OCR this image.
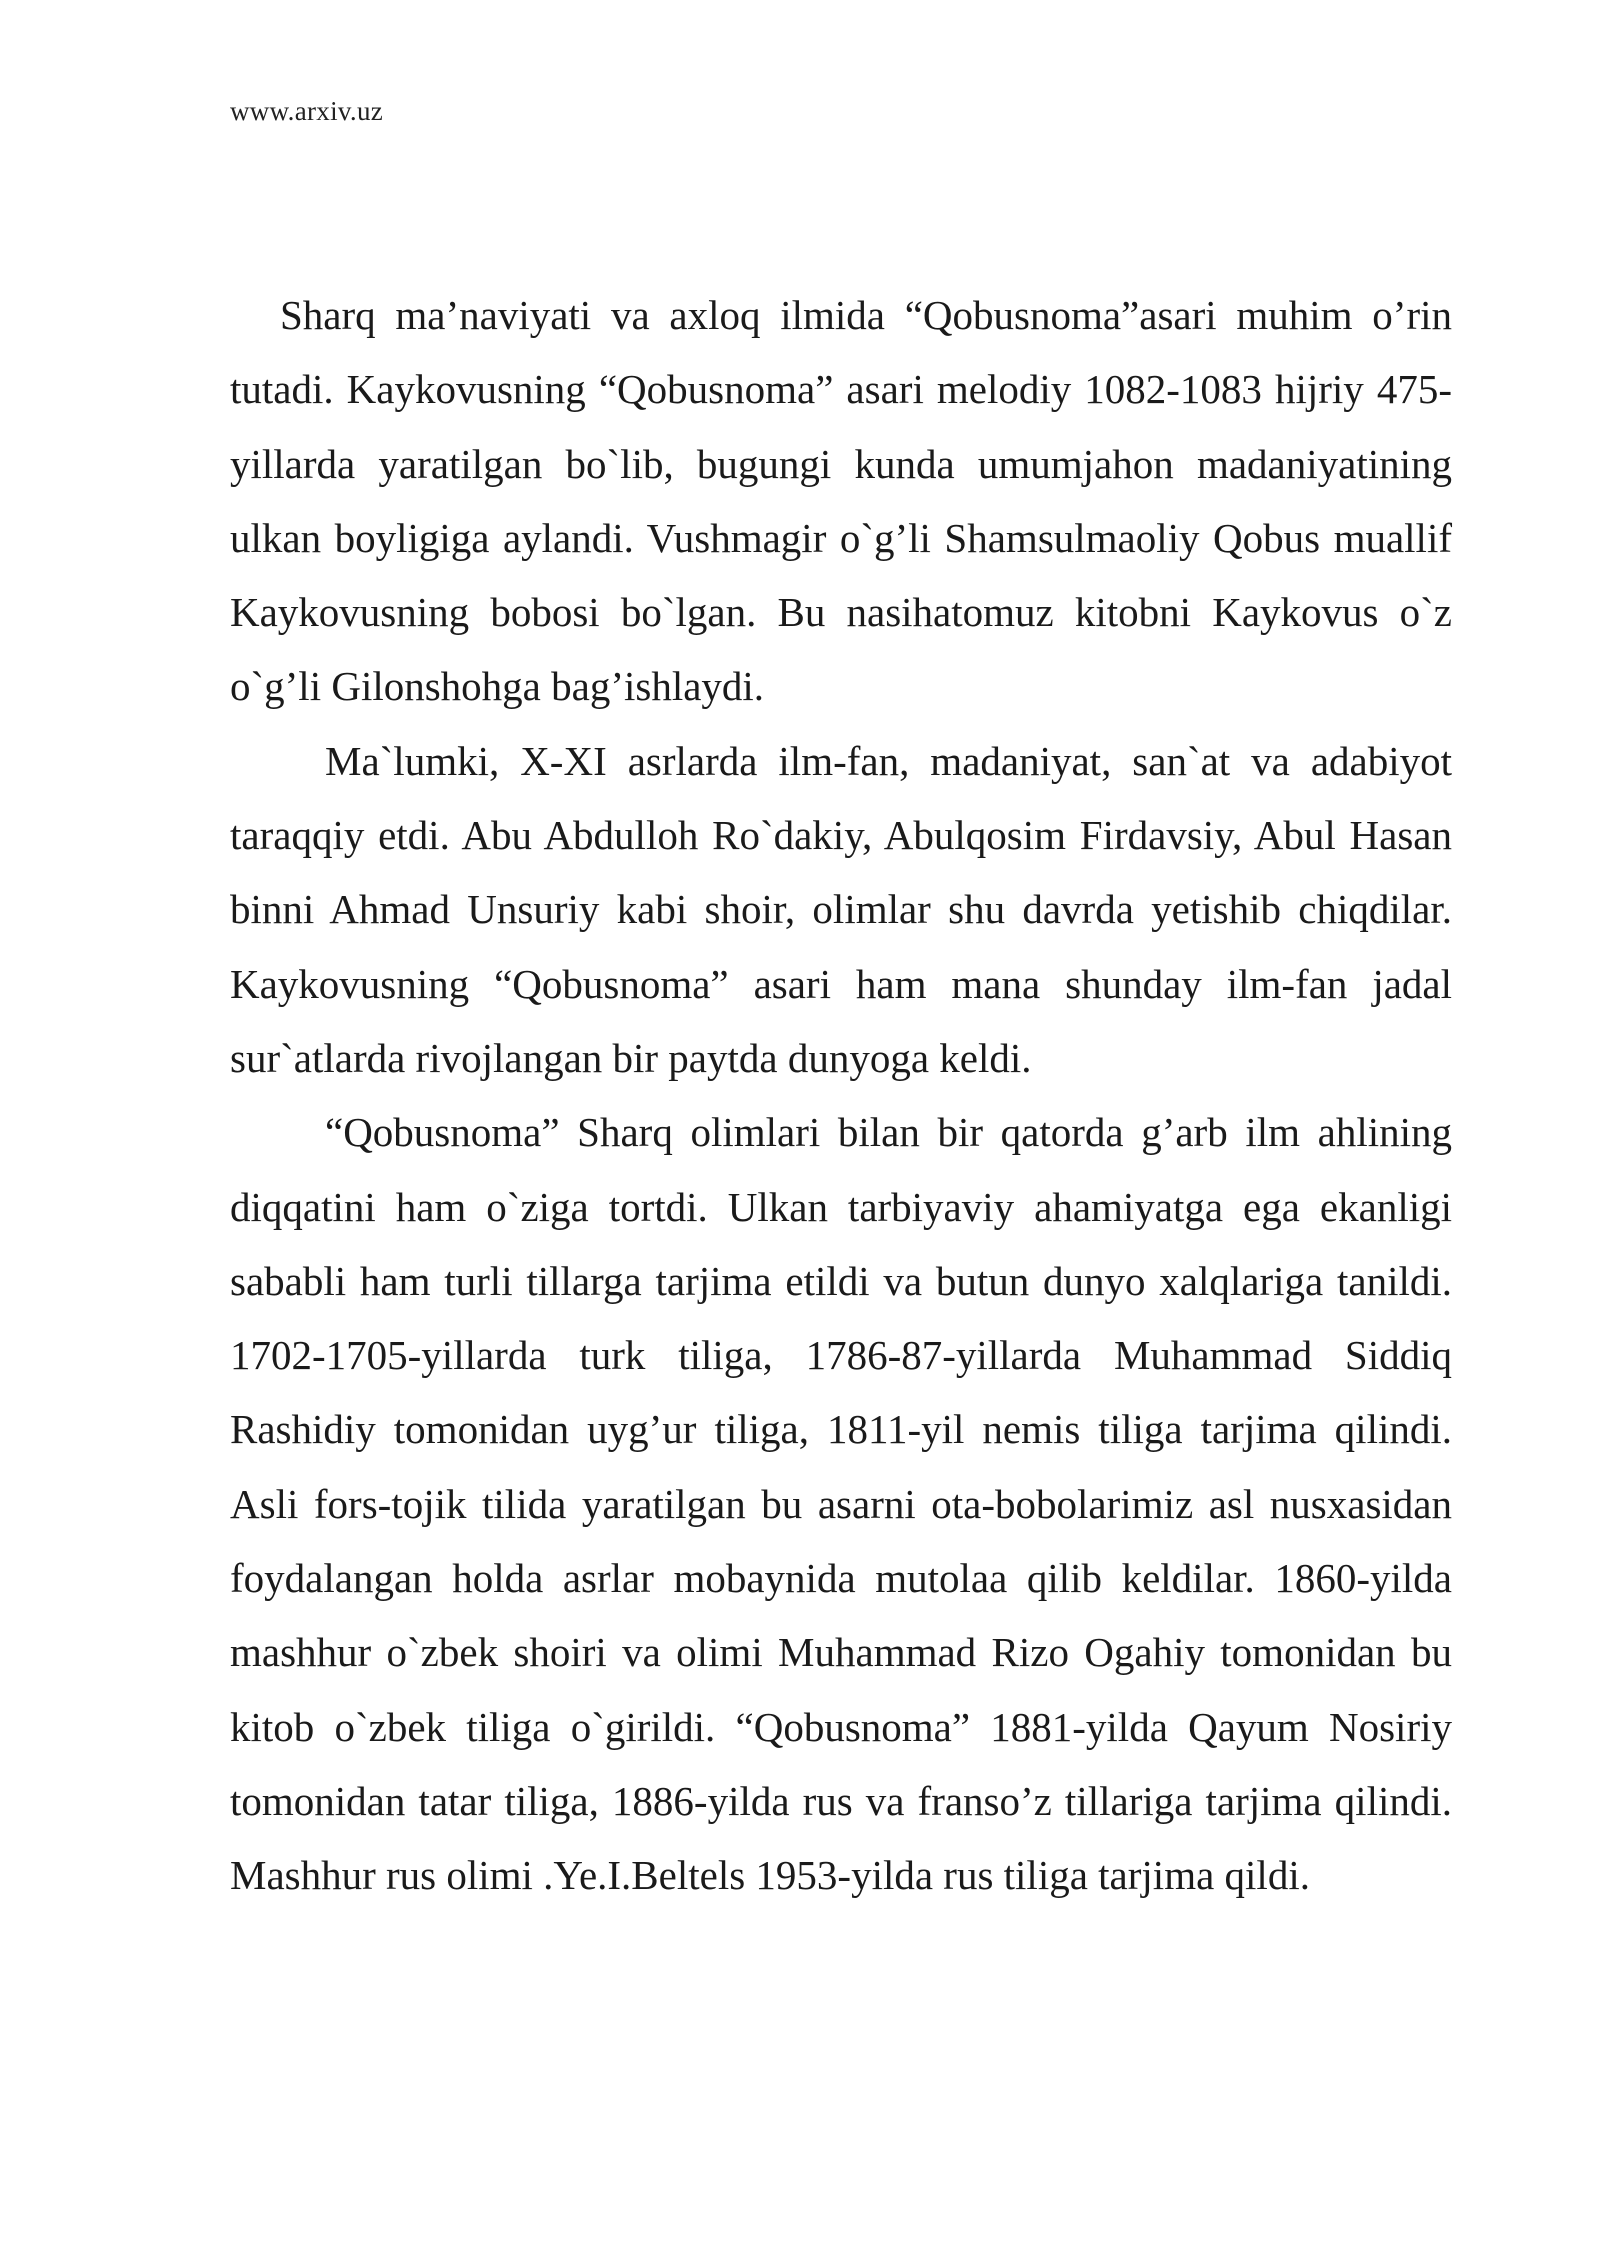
www.arxiv.uz

Sharq ma’naviyati va axloq ilmida “Qobusnoma”asari muhim o’rin tutadi. Kaykovusning “Qobusnoma” asari melodiy 1082-1083 hijriy 475-yillarda yaratilgan bo`lib, bugungi kunda umumjahon madaniyatining ulkan boyligiga aylandi. Vushmagir o`g’li Shamsulmaoliy Qobus muallif Kaykovusning bobosi bo`lgan. Bu nasihatomuz kitobni Kaykovus o`z o`g’li Gilonshohga bag’ishlaydi.

Ma`lumki, X-XI asrlarda ilm-fan, madaniyat, san`at va adabiyot taraqqiy etdi. Abu Abdulloh Ro`dakiy, Abulqosim Firdavsiy, Abul Hasan binni Ahmad Unsuriy kabi shoir, olimlar shu davrda yetishib chiqdilar. Kaykovusning “Qobusnoma” asari ham mana shunday ilm-fan jadal sur`atlarda rivojlangan bir paytda dunyoga keldi.

“Qobusnoma” Sharq olimlari bilan bir qatorda g’arb ilm ahlining diqqatini ham o`ziga tortdi. Ulkan tarbiyaviy ahamiyatga ega ekanligi sababli ham turli tillarga tarjima etildi va butun dunyo xalqlariga tanildi. 1702-1705-yillarda turk tiliga, 1786-87-yillarda Muhammad Siddiq Rashidiy tomonidan uyg’ur tiliga, 1811-yil nemis tiliga tarjima qilindi. Asli fors-tojik tilida yaratilgan bu asarni ota-bobolarimiz asl nusxasidan foydalangan holda asrlar mobaynida mutolaa qilib keldilar. 1860-yilda mashhur o`zbek shoiri va olimi Muhammad Rizo Ogahiy tomonidan bu kitob o`zbek tiliga o`girildi. “Qobusnoma” 1881-yilda Qayum Nosiriy tomonidan tatar tiliga, 1886-yilda rus va franso’z tillariga tarjima qilindi. Mashhur rus olimi .Ye.I.Beltels 1953-yilda rus tiliga tarjima qildi.
